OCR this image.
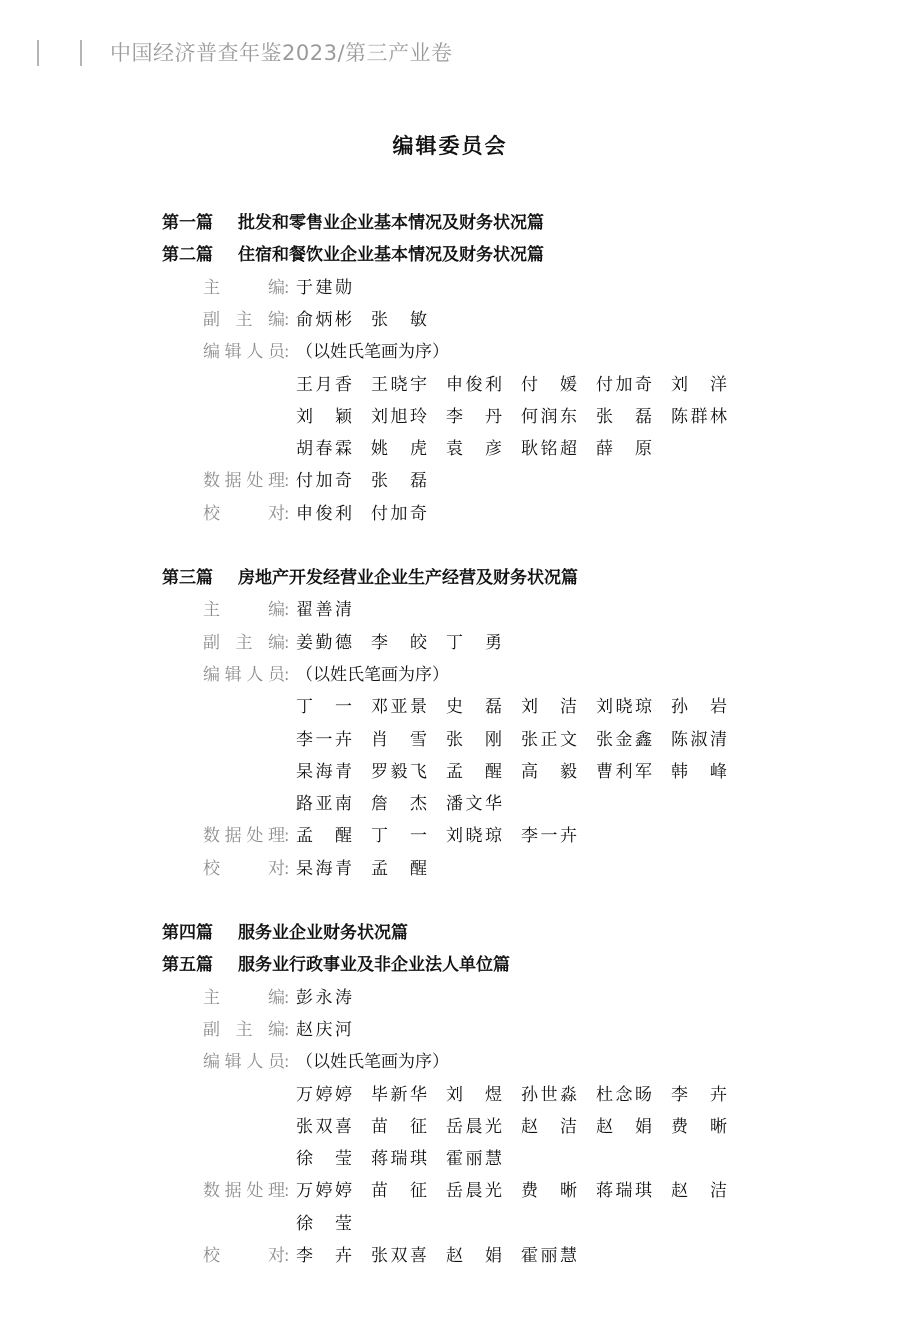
中国经济普查年鉴2023/第三产业卷
编辑委员会
第一篇 批发和零售业企业基本情况及财务状况篇
第二篇 住宿和餐饮业企业基本情况及财务状况篇
主编 : 于建勋
副主编 : 俞炳彬 张敏
编辑人员 : （以姓氏笔画为序）
王月香 王晓宇 申俊利 付媛 付加奇 刘洋
刘颖 刘旭玲 李丹 何润东 张磊 陈群林
胡春霖 姚虎 袁彦 耿铭超 薛原
数据处理 : 付加奇 张磊
校对 : 申俊利 付加奇
第三篇 房地产开发经营业企业生产经营及财务状况篇
主编 : 翟善清
副主编 : 姜勤德 李皎 丁勇
编辑人员 : （以姓氏笔画为序）
丁一 邓亚景 史磊 刘洁 刘晓琼 孙岩
李一卉 肖雪 张刚 张正文 张金鑫 陈淑清
杲海青 罗毅飞 孟醒 高毅 曹利军 韩峰
路亚南 詹杰 潘文华
数据处理 : 孟醒 丁一 刘晓琼 李一卉
校对 : 杲海青 孟醒
第四篇 服务业企业财务状况篇
第五篇 服务业行政事业及非企业法人单位篇
主编 : 彭永涛
副主编 : 赵庆河
编辑人员 : （以姓氏笔画为序）
万婷婷 毕新华 刘煜 孙世淼 杜念旸 李卉
张双喜 苗征 岳晨光 赵洁 赵娟 费晰
徐莹 蒋瑞琪 霍丽慧
数据处理 : 万婷婷 苗征 岳晨光 费晰 蒋瑞琪 赵洁
徐莹
校对 : 李卉 张双喜 赵娟 霍丽慧
